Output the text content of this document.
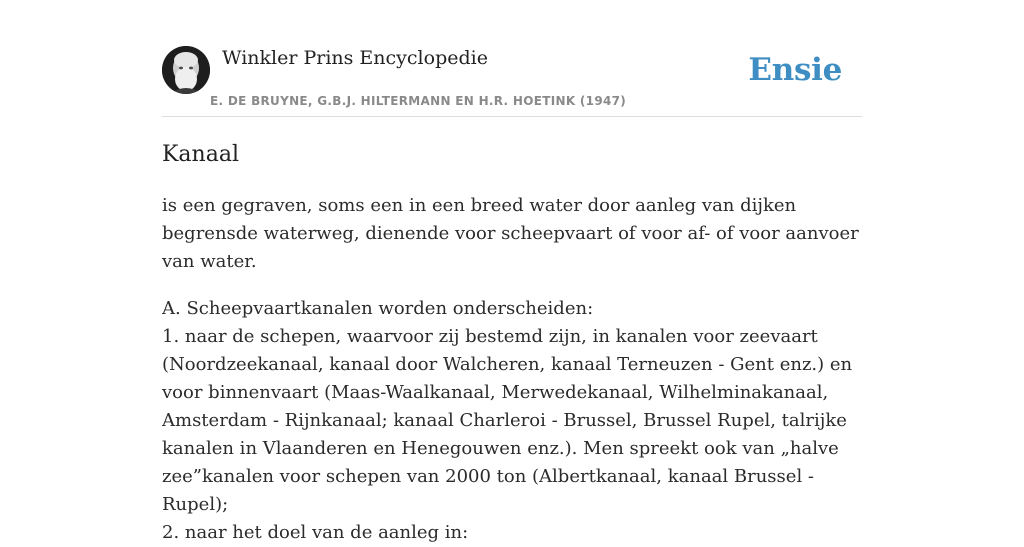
Winkler Prins Encyclopedie
E. DE BRUYNE, G.B.J. HILTERMANN EN H.R. HOETINK (1947)
Ensie
Kanaal

is een gegraven, soms een in een breed water door aanleg van dijken begrensde waterweg, dienende voor scheepvaart of voor af- of voor aanvoer van water.

A. Scheepvaartkanalen worden onderscheiden:
1. naar de schepen, waarvoor zij bestemd zijn, in kanalen voor zeevaart (Noordzeekanaal, kanaal door Walcheren, kanaal Terneuzen - Gent enz.) en voor binnenvaart (Maas-Waalkanaal, Merwedekanaal, Wilhelminakanaal, Amsterdam - Rijnkanaal; kanaal Charleroi - Brussel, Brussel Rupel, talrijke kanalen in Vlaanderen en Henegouwen enz.). Men spreekt ook van „halve zee”kanalen voor schepen van 2000 ton (Albertkanaal, kanaal Brussel - Rupel);
2. naar het doel van de aanleg in:
